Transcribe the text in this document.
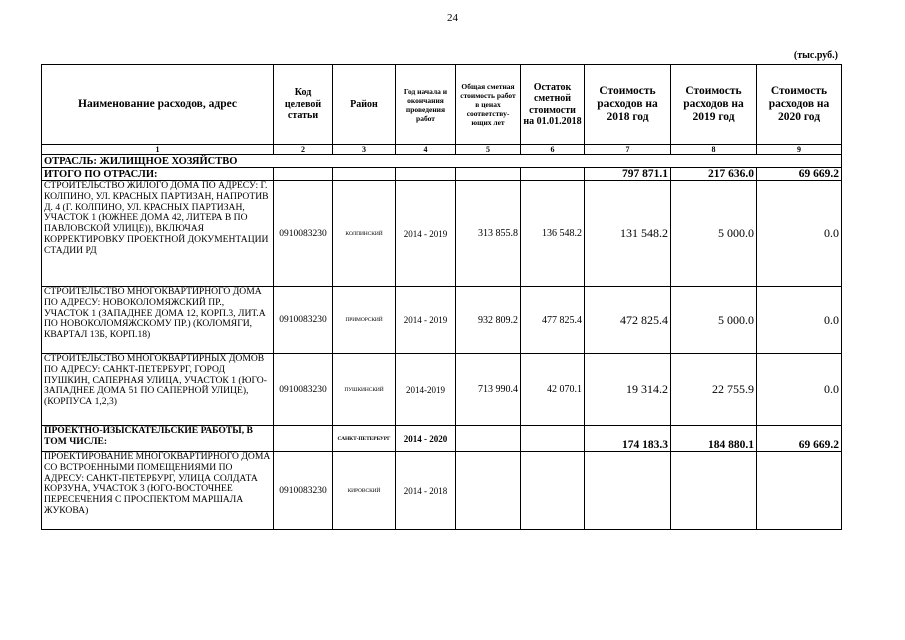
24
(тыс.руб.)
Наименование расходов, адрес	Код целевой статьи	Район	Год начала и окончания проведения работ	Общая сметная стоимость работ в ценах соответству-ющих лет	Остаток сметной стоимости на 01.01.2018	Стоимость расходов на 2018 год	Стоимость расходов на 2019 год	Стоимость расходов на 2020 год
1	2	3	4	5	6	7	8	9
ОТРАСЛЬ: ЖИЛИЩНОЕ ХОЗЯЙСТВО								
ИТОГО ПО ОТРАСЛИ:						797 871.1	217 636.0	69 669.2
СТРОИТЕЛЬСТВО ЖИЛОГО ДОМА ПО АДРЕСУ: Г. КОЛПИНО, УЛ. КРАСНЫХ ПАРТИЗАН, НАПРОТИВ Д. 4 (Г. КОЛПИНО, УЛ. КРАСНЫХ ПАРТИЗАН, УЧАСТОК 1 (ЮЖНЕЕ ДОМА 42, ЛИТЕРА В ПО ПАВЛОВСКОЙ УЛИЦЕ)), ВКЛЮЧАЯ КОРРЕКТИРОВКУ ПРОЕКТНОЙ ДОКУМЕНТАЦИИ СТАДИИ РД	0910083230	КОЛПИНСКИЙ	2014 - 2019	313 855.8	136 548.2	131 548.2	5 000.0	0.0
СТРОИТЕЛЬСТВО МНОГОКВАРТИРНОГО ДОМА ПО АДРЕСУ: НОВОКОЛОМЯЖСКИЙ ПР., УЧАСТОК 1 (ЗАПАДНЕЕ ДОМА 12, КОРП.3, ЛИТ.А ПО НОВОКОЛОМЯЖСКОМУ ПР.) (КОЛОМЯГИ, КВАРТАЛ 13Б, КОРП.18)	0910083230	ПРИМОРСКИЙ	2014 - 2019	932 809.2	477 825.4	472 825.4	5 000.0	0.0
СТРОИТЕЛЬСТВО МНОГОКВАРТИРНЫХ ДОМОВ ПО АДРЕСУ: САНКТ-ПЕТЕРБУРГ, ГОРОД ПУШКИН, САПЕРНАЯ УЛИЦА, УЧАСТОК 1 (ЮГО-ЗАПАДНЕЕ ДОМА 51 ПО САПЕРНОЙ УЛИЦЕ), (КОРПУСА 1,2,3)	0910083230	ПУШКИНСКИЙ	2014-2019	713 990.4	42 070.1	19 314.2	22 755.9	0.0
ПРОЕКТНО-ИЗЫСКАТЕЛЬСКИЕ РАБОТЫ, В ТОМ ЧИСЛЕ:		САНКТ-ПЕТЕРБУРГ	2014 - 2020			174 183.3	184 880.1	69 669.2
ПРОЕКТИРОВАНИЕ МНОГОКВАРТИРНОГО ДОМА СО ВСТРОЕННЫМИ ПОМЕЩЕНИЯМИ ПО АДРЕСУ: САНКТ-ПЕТЕРБУРГ, УЛИЦА СОЛДАТА КОРЗУНА, УЧАСТОК 3 (ЮГО-ВОСТОЧНЕЕ ПЕРЕСЕЧЕНИЯ С ПРОСПЕКТОМ МАРШАЛА ЖУКОВА)	0910083230	КИРОВСКИЙ	2014 - 2018					
